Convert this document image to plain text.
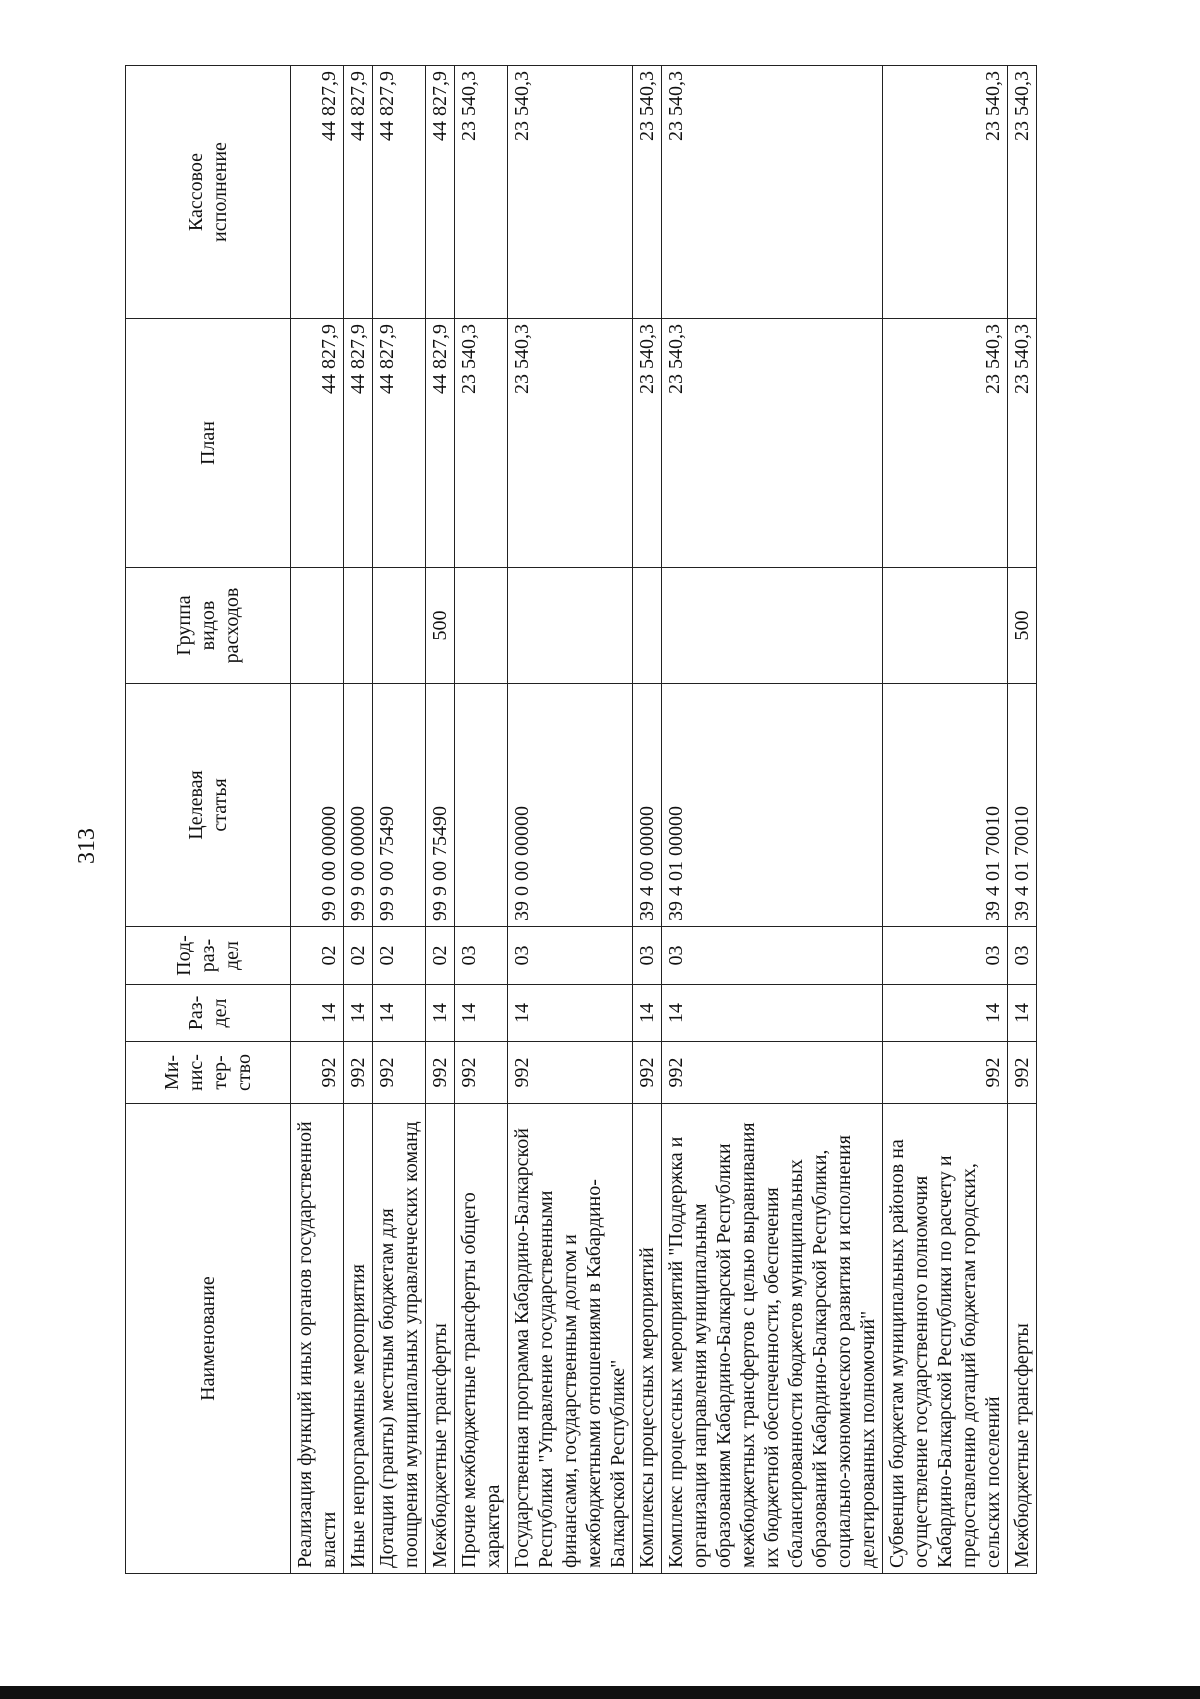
313
Наименование	Ми- нис- тер- ство	Раз- дел	Под- раз- дел	Целевая статья	Группа видов расходов	План	Кассовое исполнение
Реализация функций иных органов государственной власти	992	14	02	99 0 00 00000		44 827,9	44 827,9
Иные непрограммные мероприятия	992	14	02	99 9 00 00000		44 827,9	44 827,9
Дотации (гранты) местным бюджетам для поощрения муниципальных управленческих команд	992	14	02	99 9 00 75490		44 827,9	44 827,9
Межбюджетные трансферты	992	14	02	99 9 00 75490	500	44 827,9	44 827,9
Прочие межбюджетные трансферты общего характера	992	14	03			23 540,3	23 540,3
Государственная программа Кабардино-Балкарской Республики "Управление государственными финансами, государственным долгом и межбюджетными отношениями в Кабардино-Балкарской Республике"	992	14	03	39 0 00 00000		23 540,3	23 540,3
Комплексы процессных мероприятий	992	14	03	39 4 00 00000		23 540,3	23 540,3
Комплекс процессных мероприятий "Поддержка и организация направления муниципальным образованиям Кабардино-Балкарской Республики межбюджетных трансфертов с целью выравнивания их бюджетной обеспеченности, обеспечения сбалансированности бюджетов муниципальных образований Кабардино-Балкарской Республики, социально-экономического развития и исполнения делегированных полномочий"	992	14	03	39 4 01 00000		23 540,3	23 540,3
Субвенции бюджетам муниципальных районов на осуществление государственного полномочия Кабардино-Балкарской Республики по расчету и предоставлению дотаций бюджетам городских, сельских поселений	992	14	03	39 4 01 70010		23 540,3	23 540,3
Межбюджетные трансферты	992	14	03	39 4 01 70010	500	23 540,3	23 540,3
